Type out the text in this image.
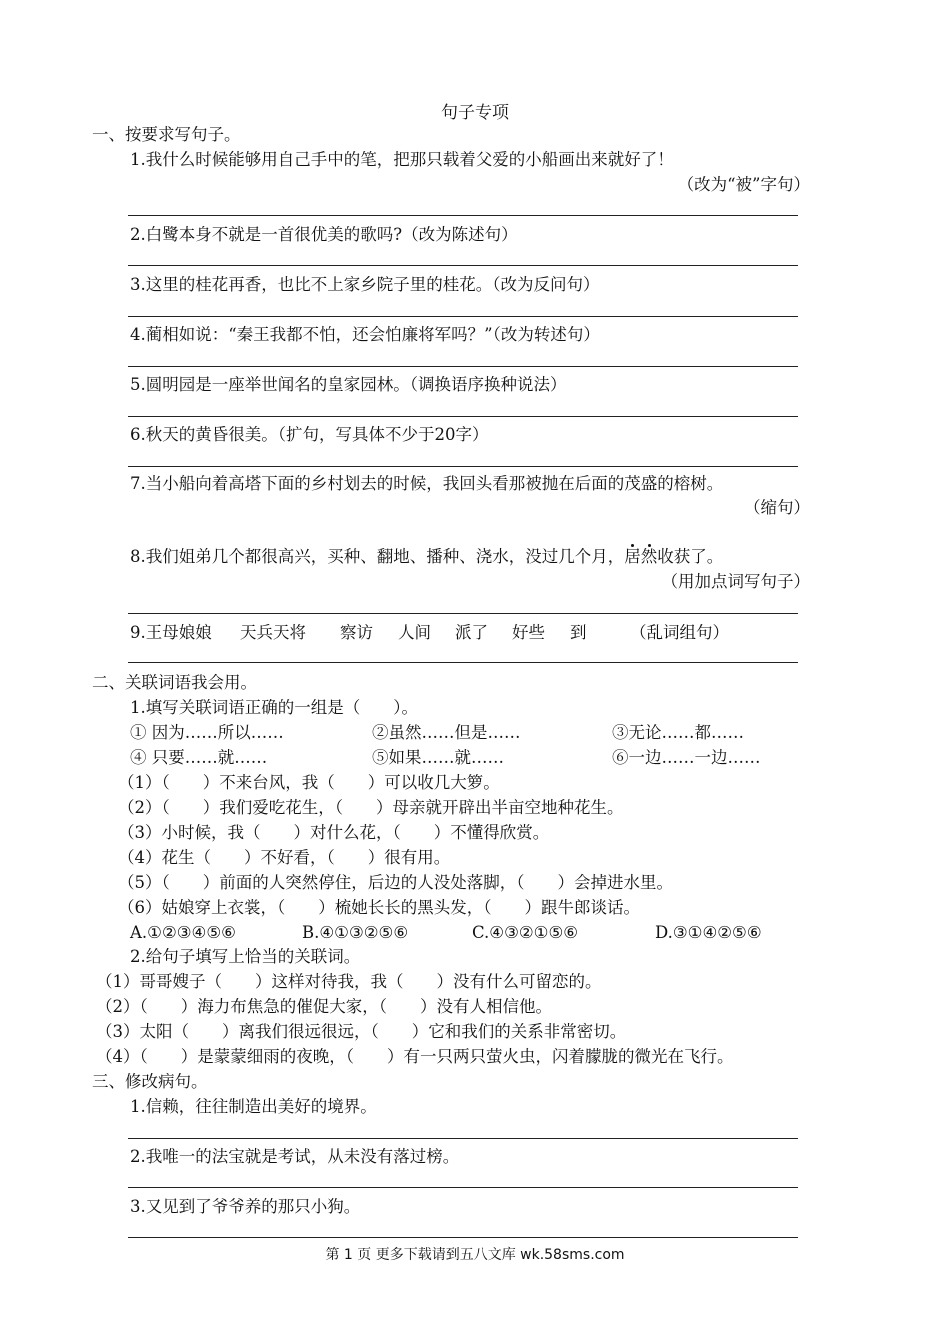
句子专项
一、按要求写句子。
1.我什么时候能够用自己手中的笔，把那只载着父爱的小船画出来就好了！
（改为“被”字句）
2.白鹭本身不就是一首很优美的歌吗?（改为陈述句）
3.这里的桂花再香，也比不上家乡院子里的桂花。（改为反问句）
4.蔺相如说：“秦王我都不怕，还会怕廉将军吗？”（改为转述句）
5.圆明园是一座举世闻名的皇家园林。（调换语序换种说法）
6.秋天的黄昏很美。（扩句，写具体不少于20字）
7.当小船向着高塔下面的乡村划去的时候，我回头看那被抛在后面的茂盛的榕树。
（缩句）
8.我们姐弟几个都很高兴，买种、翻地、播种、浇水，没过几个月，居然收获了。
（用加点词写句子）
9.王母娘娘 天兵天将 察访 人间 派了 好些 到	（乱词组句）
二、关联词语我会用。
1.填写关联词语正确的一组是（　　）。
① 因为……所以……	②虽然……但是……	③无论……都……
④ 只要……就……	⑤如果……就……	⑥一边……一边……
（1）（　　）不来台风，我（　　）可以收几大箩。
（2）（　　）我们爱吃花生，（　　）母亲就开辟出半亩空地种花生。
（3）小时候，我（　　）对什么花，（　　）不懂得欣赏。
（4）花生（　　）不好看，（　　）很有用。
（5）（　　）前面的人突然停住，后边的人没处落脚，（　　）会掉进水里。
（6）姑娘穿上衣裳，（　　）梳她长长的黑头发，（　　）跟牛郎谈话。
A.①②③④⑤⑥	B.④①③②⑤⑥	C.④③②①⑤⑥	D.③①④②⑤⑥
2.给句子填写上恰当的关联词。
（1）哥哥嫂子（　　）这样对待我，我（　　）没有什么可留恋的。
（2）（　　）海力布焦急的催促大家，（　　）没有人相信他。
（3）太阳（　　）离我们很远很远，（　　）它和我们的关系非常密切。
（4）（　　）是蒙蒙细雨的夜晚，（　　）有一只两只萤火虫，闪着朦胧的微光在飞行。
三、修改病句。
1.信赖，往往制造出美好的境界。
2.我唯一的法宝就是考试，从未没有落过榜。
3.又见到了爷爷养的那只小狗。
第 1 页 更多下载请到五八文库 wk.58sms.com
